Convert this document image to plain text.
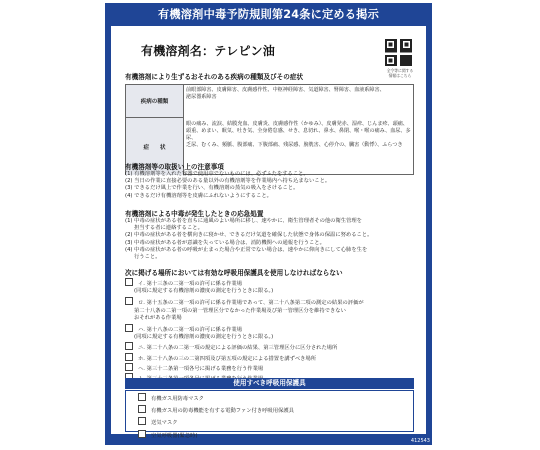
有機溶剤中毒予防規則第24条に定める掲示
412543
有機溶剤名：テレピン油
全令等に関する
情報はこちら
有機溶剤により生ずるおそれのある疾病の種類及びその症状
疾病の種類
前眼部障害、皮膚障害、皮膚感作性、中枢神経障害、気道障害、腎障害、血液系障害、
泌尿器系障害
症　　状
眼の痛み、流涙、結膜充血、皮膚炎、皮膚感作性（かゆみ）、皮膚発赤、湿疹、じんま疹、頭痛、
頭重、めまい、眠気、吐き気、全身倦怠感、せき、息切れ、鼻水、鼻閉、喉・喉の痛み、血尿、多尿、
乏尿、むくみ、頻脈、腹部痛、下腹部痛、残尿感、膀胱害、心停介の、臓害（動悸）、ふらつき
有機溶剤等の取扱い上の注意事項
(1) 有機溶剤等を入れた容器で使用中でないものには、必ずふたをすること。
(2) 当日の作業に直接必要のある量以外の有機溶剤等を作業場内へ持ち込まないこと。
(3) できるだけ風上で作業を行い、有機溶剤の蒸気の吸入をさけること。
(4) できるだけ有機溶剤等を皮膚にふれないようにすること。
有機溶剤による中毒が発生したときの応急処置
(1) 中毒の症状がある者を直ちに通風のよい場所に移し、速やかに、衛生管理者その他の衛生管理を
担当する者に連絡すること。
(2) 中毒の症状がある者を横向きに寝かせ、できるだけ気道を確保した状態で身体の保温に努めること。
(3) 中毒の症状がある者が意識を失っている場合は、消防機関への通報を行うこと。
(4) 中毒の症状がある者の呼吸が止まった場合や正常でない場合は、速やかに仰向きにして心肺を生を
行うこと。
次に掲げる場所においては有効な呼吸用保護具を使用しなければならない
イ. 第十三条の二第一項の許可に係る作業場
(同項に規定する有機溶剤の濃度の測定を行うときに限る。)
ロ. 第十五条の二第一項の許可に係る作業場であって、第二十八条第二項の測定の結果の評価が
第二十八条の二第一項の第一管理区分でなかった作業場及び第一管理区分を維持できない
おそれがある作業場
ハ. 第十八条の二第一項の許可に係る作業場
(同項に規定する有機溶剤の濃度の測定を行うときに限る。)
ニ. 第二十八条の二第一項の規定による評価の結果、第三管理区分に区分された場所
ホ. 第二十八条の三の二第四項及び第五項の規定による措置を講ずべき場所
ヘ. 第三十二条第一項各号に掲げる業務を行う作業場
使用すべき呼吸用保護具
有機ガス用防毒マスク
有機ガス用の防毒機能を有する電動ファン付き呼吸用保護具
送気マスク
空気呼吸器(緊急時)
